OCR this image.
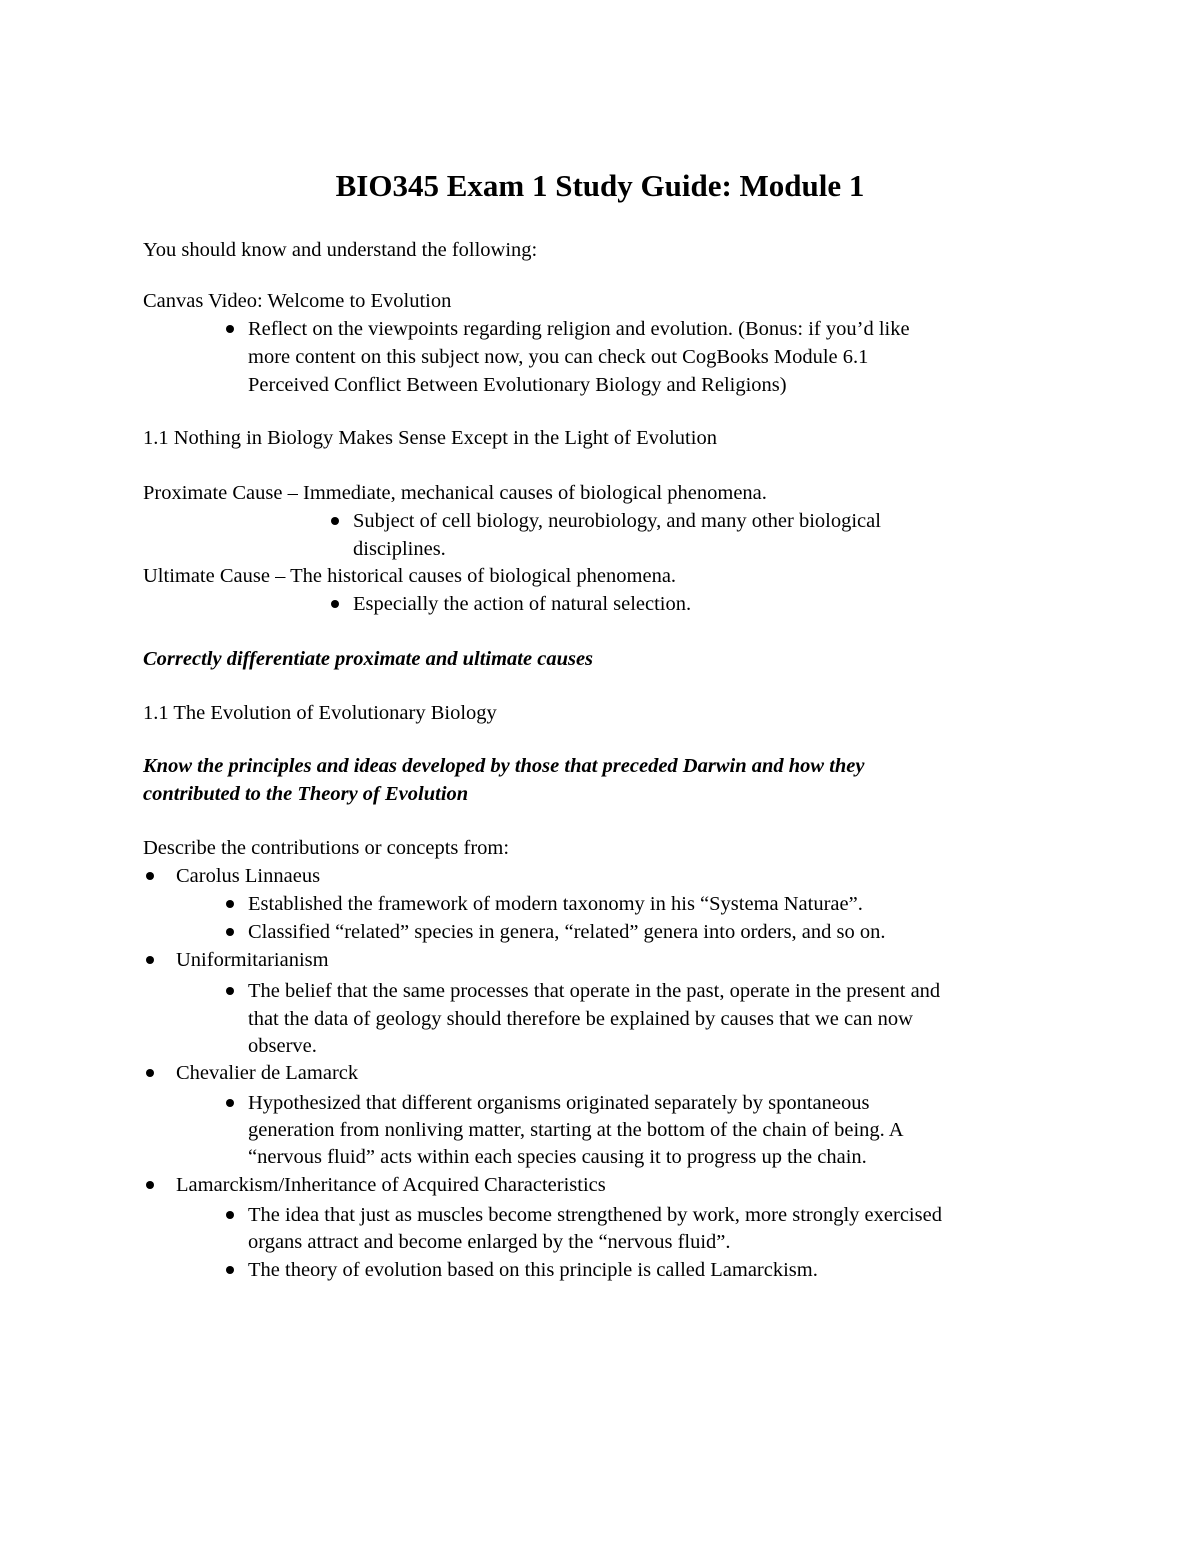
BIO345 Exam 1 Study Guide: Module 1
You should know and understand the following:
Canvas Video: Welcome to Evolution
Reflect on the viewpoints regarding religion and evolution. (Bonus: if you’d like
more content on this subject now, you can check out CogBooks Module 6.1
Perceived Conflict Between Evolutionary Biology and Religions)
1.1 Nothing in Biology Makes Sense Except in the Light of Evolution
Proximate Cause – Immediate, mechanical causes of biological phenomena.
Subject of cell biology, neurobiology, and many other biological
disciplines.
Ultimate Cause – The historical causes of biological phenomena.
Especially the action of natural selection.
Correctly differentiate proximate and ultimate causes
1.1 The Evolution of Evolutionary Biology
Know the principles and ideas developed by those that preceded Darwin and how they
contributed to the Theory of Evolution
Describe the contributions or concepts from:
Carolus Linnaeus
Established the framework of modern taxonomy in his “Systema Naturae”.
Classified “related” species in genera, “related” genera into orders, and so on.
Uniformitarianism
The belief that the same processes that operate in the past, operate in the present and
that the data of geology should therefore be explained by causes that we can now
observe.
Chevalier de Lamarck
Hypothesized that different organisms originated separately by spontaneous
generation from nonliving matter, starting at the bottom of the chain of being. A
“nervous fluid” acts within each species causing it to progress up the chain.
Lamarckism/Inheritance of Acquired Characteristics
The idea that just as muscles become strengthened by work, more strongly exercised
organs attract and become enlarged by the “nervous fluid”.
The theory of evolution based on this principle is called Lamarckism.
